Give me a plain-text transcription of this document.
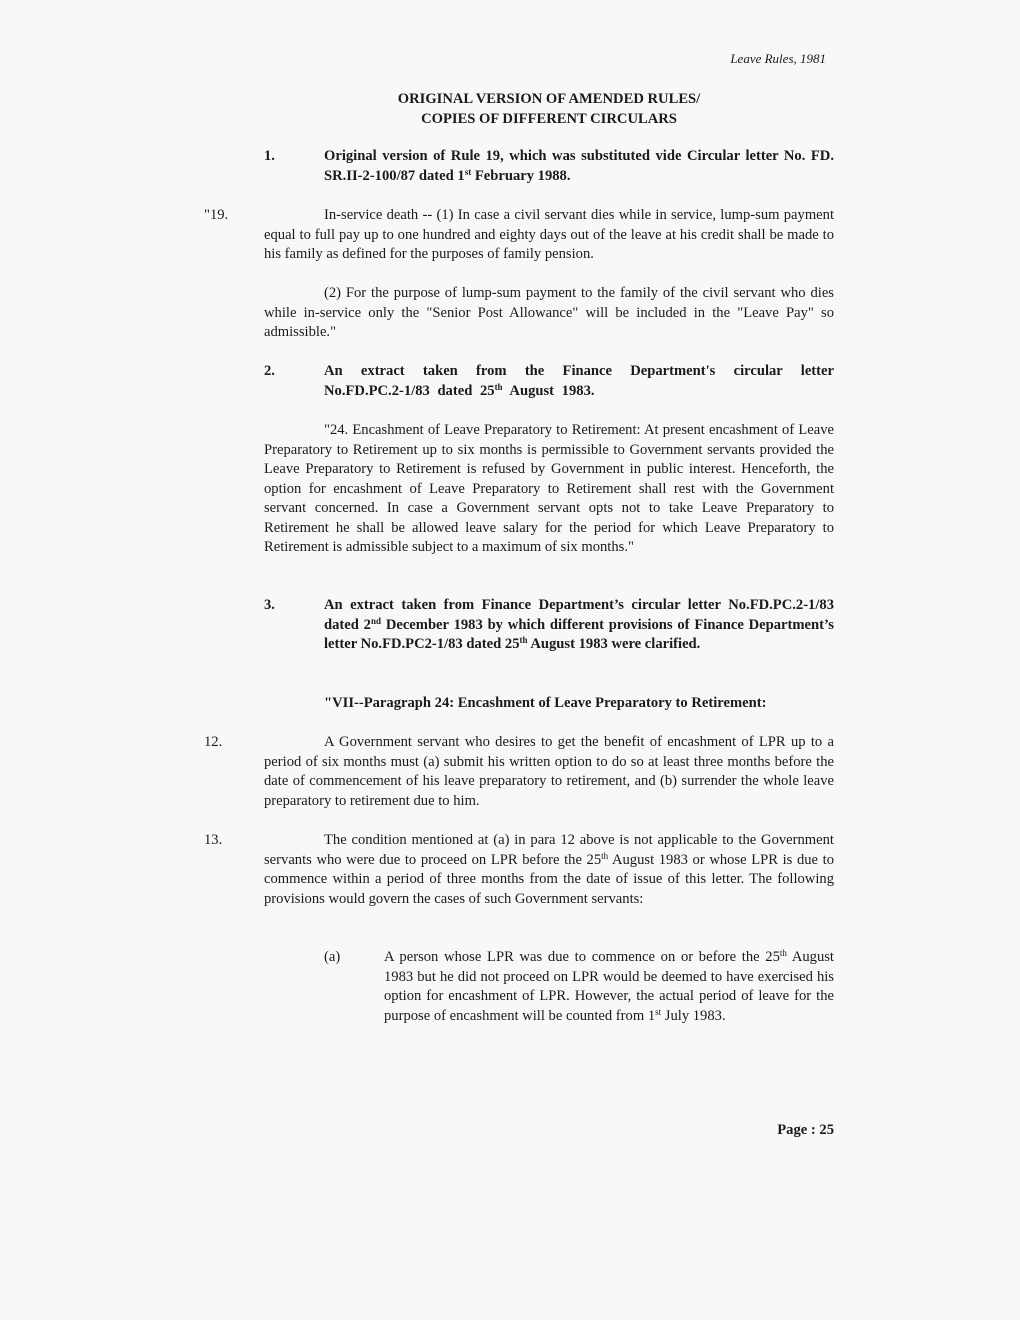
Leave Rules, 1981
ORIGINAL VERSION OF AMENDED RULES/
COPIES OF DIFFERENT CIRCULARS
1.	Original version of Rule 19, which was substituted vide Circular letter No. FD. SR.II-2-100/87 dated 1st February 1988.
"19.	In-service death -- (1) In case a civil servant dies while in service, lump-sum payment equal to full pay up to one hundred and eighty days out of the leave at his credit shall be made to his family as defined for the purposes of family pension.
(2) For the purpose of lump-sum payment to the family of the civil servant who dies while in-service only the "Senior Post Allowance" will be included in the "Leave Pay" so admissible."
2.	An extract taken from the Finance Department's circular letter No.FD.PC.2-1/83 dated 25th August 1983.
"24. Encashment of Leave Preparatory to Retirement: At present encashment of Leave Preparatory to Retirement up to six months is permissible to Government servants provided the Leave Preparatory to Retirement is refused by Government in public interest. Henceforth, the option for encashment of Leave Preparatory to Retirement shall rest with the Government servant concerned. In case a Government servant opts not to take Leave Preparatory to Retirement he shall be allowed leave salary for the period for which Leave Preparatory to Retirement is admissible subject to a maximum of six months."
3.	An extract taken from Finance Department’s circular letter No.FD.PC.2-1/83 dated 2nd December 1983 by which different provisions of Finance Department’s letter No.FD.PC2-1/83 dated 25th August 1983 were clarified.
"VII--Paragraph 24: Encashment of Leave Preparatory to Retirement:
12.	A Government servant who desires to get the benefit of encashment of LPR up to a period of six months must (a) submit his written option to do so at least three months before the date of commencement of his leave preparatory to retirement, and (b) surrender the whole leave preparatory to retirement due to him.
13.	The condition mentioned at (a) in para 12 above is not applicable to the Government servants who were due to proceed on LPR before the 25th August 1983 or whose LPR is due to commence within a period of three months from the date of issue of this letter. The following provisions would govern the cases of such Government servants:
(a)	A person whose LPR was due to commence on or before the 25th August 1983 but he did not proceed on LPR would be deemed to have exercised his option for encashment of LPR. However, the actual period of leave for the purpose of encashment will be counted from 1st July 1983.
Page : 25
